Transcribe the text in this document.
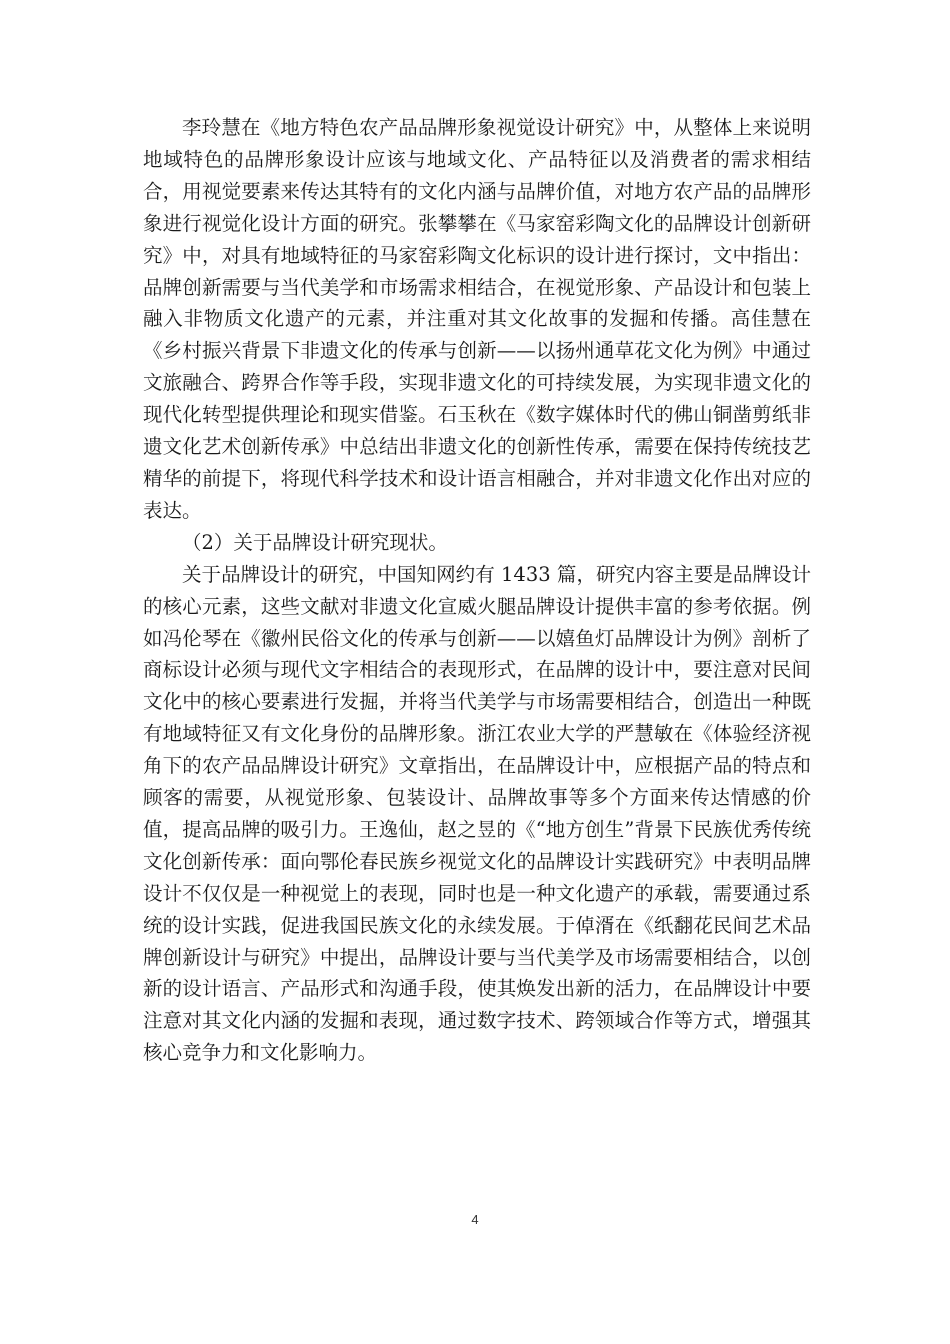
李玲慧在《地方特色农产品品牌形象视觉设计研究》中，从整体上来说明地域特色的品牌形象设计应该与地域文化、产品特征以及消费者的需求相结合，用视觉要素来传达其特有的文化内涵与品牌价值，对地方农产品的品牌形象进行视觉化设计方面的研究。张攀攀在《马家窑彩陶文化的品牌设计创新研究》中，对具有地域特征的马家窑彩陶文化标识的设计进行探讨，文中指出：品牌创新需要与当代美学和市场需求相结合，在视觉形象、产品设计和包装上融入非物质文化遗产的元素，并注重对其文化故事的发掘和传播。高佳慧在《乡村振兴背景下非遗文化的传承与创新——以扬州通草花文化为例》中通过文旅融合、跨界合作等手段，实现非遗文化的可持续发展，为实现非遗文化的现代化转型提供理论和现实借鉴。石玉秋在《数字媒体时代的佛山铜凿剪纸非遗文化艺术创新传承》中总结出非遗文化的创新性传承，需要在保持传统技艺精华的前提下，将现代科学技术和设计语言相融合，并对非遗文化作出对应的表达。

（2）关于品牌设计研究现状。

关于品牌设计的研究，中国知网约有 1433 篇，研究内容主要是品牌设计的核心元素，这些文献对非遗文化宣威火腿品牌设计提供丰富的参考依据。例如冯伦琴在《徽州民俗文化的传承与创新——以嬉鱼灯品牌设计为例》剖析了商标设计必须与现代文字相结合的表现形式，在品牌的设计中，要注意对民间文化中的核心要素进行发掘，并将当代美学与市场需要相结合，创造出一种既有地域特征又有文化身份的品牌形象。浙江农业大学的严慧敏在《体验经济视角下的农产品品牌设计研究》文章指出，在品牌设计中，应根据产品的特点和顾客的需要，从视觉形象、包装设计、品牌故事等多个方面来传达情感的价值，提高品牌的吸引力。王逸仙，赵之昱的《“地方创生”背景下民族优秀传统文化创新传承：面向鄂伦春民族乡视觉文化的品牌设计实践研究》中表明品牌设计不仅仅是一种视觉上的表现，同时也是一种文化遗产的承载，需要通过系统的设计实践，促进我国民族文化的永续发展。于倬湑在《纸翻花民间艺术品牌创新设计与研究》中提出，品牌设计要与当代美学及市场需要相结合，以创新的设计语言、产品形式和沟通手段，使其焕发出新的活力，在品牌设计中要注意对其文化内涵的发掘和表现，通过数字技术、跨领域合作等方式，增强其核心竞争力和文化影响力。

4
